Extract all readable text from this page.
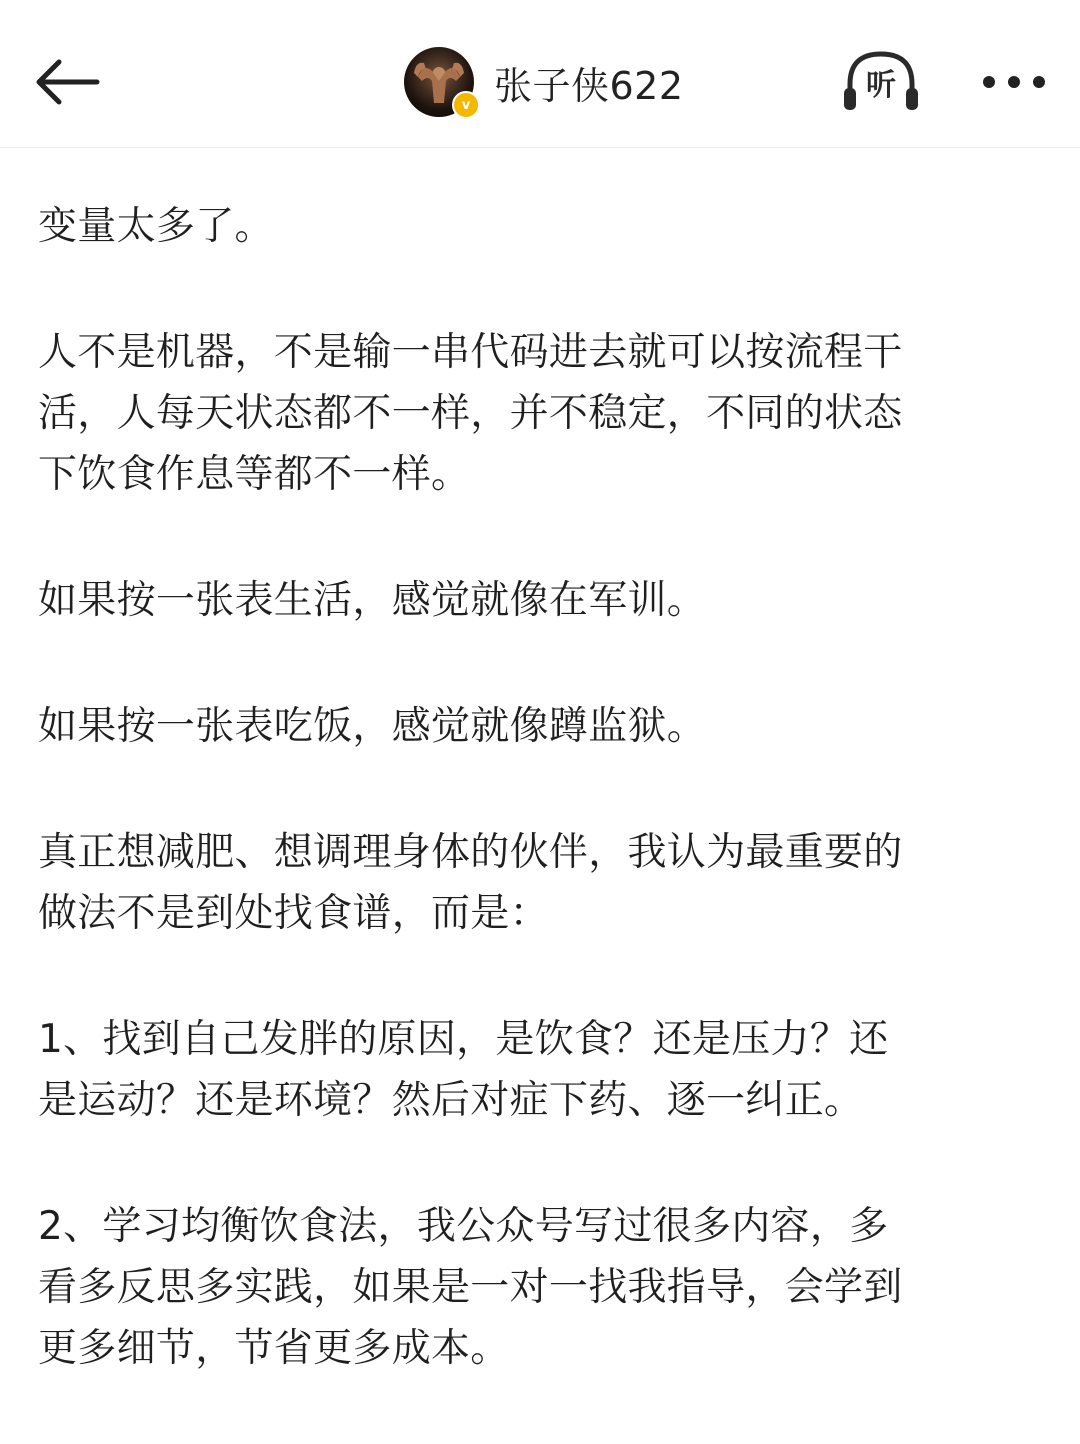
v 张子侠622	听

变量太多了。

人不是机器，不是输一串代码进去就可以按流程干
活，人每天状态都不一样，并不稳定，不同的状态
下饮食作息等都不一样。

如果按一张表生活，感觉就像在军训。

如果按一张表吃饭，感觉就像蹲监狱。

真正想减肥、想调理身体的伙伴，我认为最重要的
做法不是到处找食谱，而是：

1、找到自己发胖的原因，是饮食？还是压力？还
是运动？还是环境？然后对症下药、逐一纠正。

2、学习均衡饮食法，我公众号写过很多内容，多
看多反思多实践，如果是一对一找我指导，会学到
更多细节，节省更多成本。
